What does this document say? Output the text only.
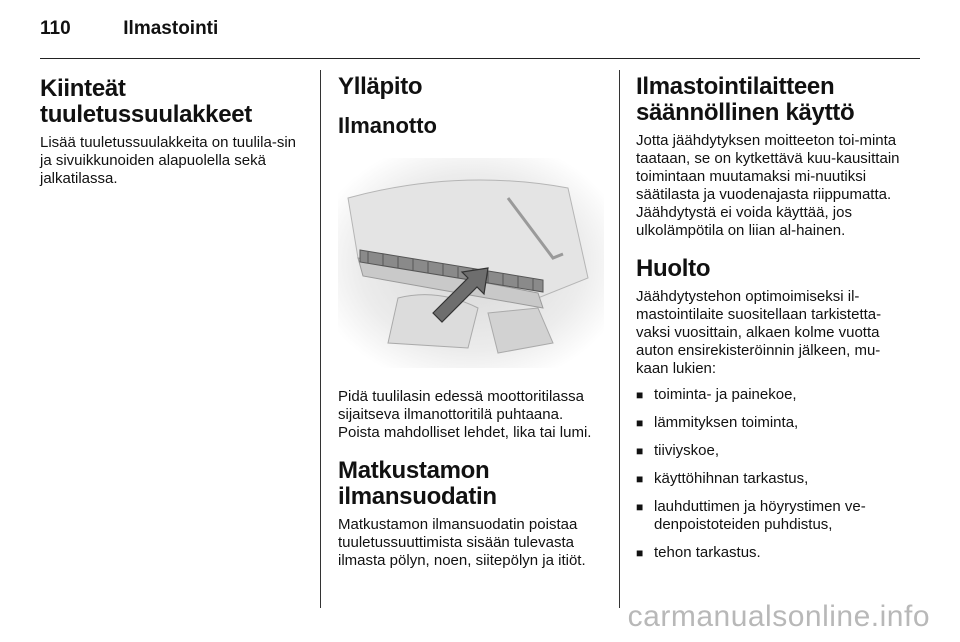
110	Ilmastointi
Kiinteät tuuletussuulakkeet

Lisää tuuletussuulakkeita on tuulila-sin ja sivuikkunoiden alapuolella sekä jalkatilassa.

Ylläpito
Ilmanotto

Pidä tuulilasin edessä moottoritilassa sijaitseva ilmanottoritilä puhtaana. Poista mahdolliset lehdet, lika tai lumi.

Matkustamon ilmansuodatin

Matkustamon ilmansuodatin poistaa tuuletussuuttimista sisään tulevasta ilmasta pölyn, noen, siitepölyn ja itiöt.

Ilmastointilaitteen säännöllinen käyttö

Jotta jäähdytyksen moitteeton toi-minta taataan, se on kytkettävä kuu-kausittain toimintaan muutamaksi mi-nuutiksi säätilasta ja vuodenajasta riippumatta. Jäähdytystä ei voida käyttää, jos ulkolämpötila on liian al-hainen.

Huolto

Jäähdytystehon optimoimiseksi il-mastointilaite suositellaan tarkistetta-vaksi vuosittain, alkaen kolme vuotta auton ensirekisteröinnin jälkeen, mu-kaan lukien:

■ toiminta- ja painekoe,
■ lämmityksen toiminta,
■ tiiviyskoe,
■ käyttöhihnan tarkastus,
■ lauhduttimen ja höyrystimen ve-denpoistoteiden puhdistus,
■ tehon tarkastus.
carmanualsonline.info
